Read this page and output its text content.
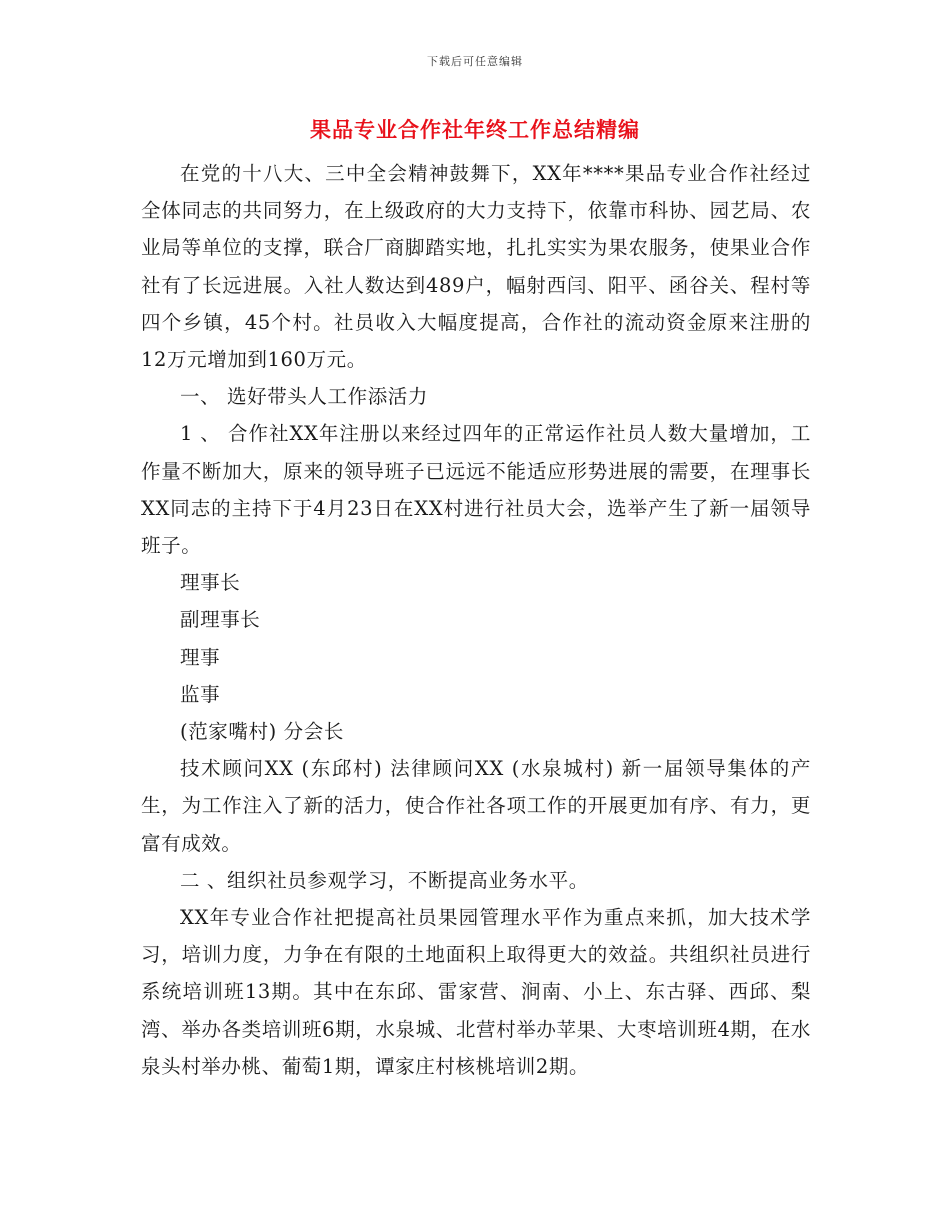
下载后可任意编辑
果品专业合作社年终工作总结精编

在党的十八大、三中全会精神鼓舞下，XX年****果品专业合作社经过全体同志的共同努力，在上级政府的大力支持下，依靠市科协、园艺局、农业局等单位的支撑，联合厂商脚踏实地，扎扎实实为果农服务，使果业合作社有了长远进展。入社人数达到489户，幅射西闫、阳平、函谷关、程村等四个乡镇，45个村。社员收入大幅度提高，合作社的流动资金原来注册的12万元增加到160万元。

一、 选好带头人工作添活力

1 、 合作社XX年注册以来经过四年的正常运作社员人数大量增加，工作量不断加大，原来的领导班子已远远不能适应形势进展的需要，在理事长XX同志的主持下于4月23日在XX村进行社员大会，选举产生了新一届领导班子。

理事长

副理事长

理事

监事

(范家嘴村) 分会长

技术顾问XX (东邱村) 法律顾问XX (水泉城村) 新一届领导集体的产生，为工作注入了新的活力，使合作社各项工作的开展更加有序、有力，更富有成效。

二 、组织社员参观学习，不断提高业务水平。

XX年专业合作社把提高社员果园管理水平作为重点来抓，加大技术学习，培训力度，力争在有限的土地面积上取得更大的效益。共组织社员进行系统培训班13期。其中在东邱、雷家营、涧南、小上、东古驿、西邱、梨湾、举办各类培训班6期，水泉城、北营村举办苹果、大枣培训班4期，在水泉头村举办桃、葡萄1期，谭家庄村核桃培训2期。
